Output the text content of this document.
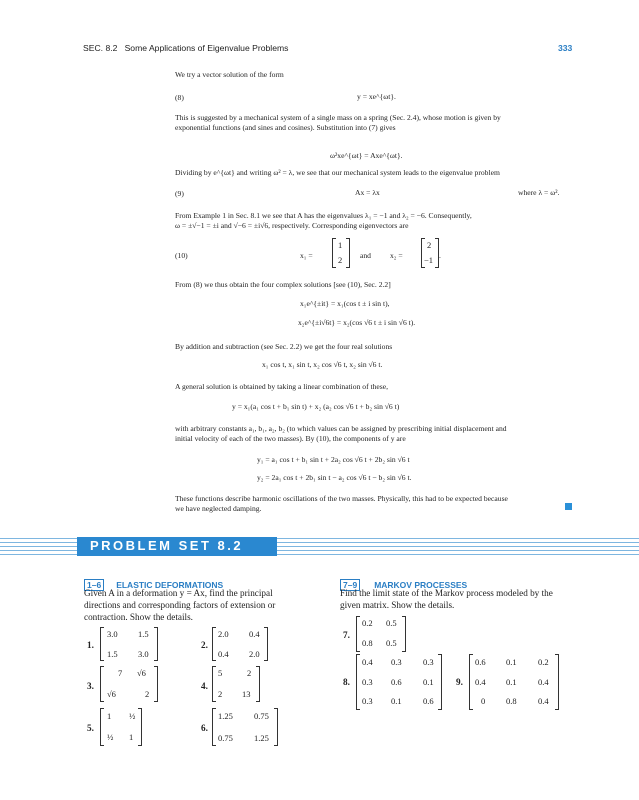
SEC. 8.2 Some Applications of Eigenvalue Problems	333
We try a vector solution of the form
(8)	y = xe^{ωt}.
This is suggested by a mechanical system of a single mass on a spring (Sec. 2.4), whose motion is given by
exponential functions (and sines and cosines). Substitution into (7) gives
ω²xe^{ωt} = Axe^{ωt}.
Dividing by e^{ωt} and writing ω² = λ, we see that our mechanical system leads to the eigenvalue problem
(9)	Ax = λx	where λ = ω².
From Example 1 in Sec. 8.1 we see that A has the eigenvalues λ₁ = −1 and λ₂ = −6. Consequently,
ω = ±√−1 = ±i and √−6 = ±i√6, respectively. Corresponding eigenvectors are
(10)	x₁ =
1
2 and	x₂ =
2
−1 .
From (8) we thus obtain the four complex solutions [see (10), Sec. 2.2]
x₁e^{±it} = x₁(cos t ± i sin t),
x₂e^{±i√6t} = x₂(cos √6 t ± i sin √6 t).
By addition and subtraction (see Sec. 2.2) we get the four real solutions
x₁ cos t, x₁ sin t, x₂ cos √6 t, x₂ sin √6 t.
A general solution is obtained by taking a linear combination of these,
y = x₁(a₁ cos t + b₁ sin t) + x₂ (a₂ cos √6 t + b₂ sin √6 t)
with arbitrary constants a₁, b₁, a₂, b₂ (to which values can be assigned by prescribing initial displacement and
initial velocity of each of the two masses). By (10), the components of y are
y₁ = a₁ cos t + b₁ sin t + 2a₂ cos √6 t + 2b₂ sin √6 t
y₂ = 2a₁ cos t + 2b₁ sin t − a₂ cos √6 t − b₂ sin √6 t.
These functions describe harmonic oscillations of the two masses. Physically, this had to be expected because
we have neglected damping.
PROBLEM SET 8.2
1–6 ELASTIC DEFORMATIONS
Given A in a deformation y = Ax, find the principal
directions and corresponding factors of extension or
contraction. Show the details.
7–9 MARKOV PROCESSES
Find the limit state of the Markov process modeled by the
given matrix. Show the details.
1.
3.0 1.5
1.5 3.0
2.
2.0 0.4
0.4 2.0
3.
7 √6
√6	2
4.
5	2
2 13
5.
1 ½
½ 1
6.
1.25 0.75
0.75 1.25
7.
0.2 0.5
0.8 0.5
8.
0.4 0.3	0.3
0.3 0.6	0.1
0.3 0.1	0.6
9.
0.6 0.1	0.2
0.4 0.1	0.4
0 0.8	0.4
